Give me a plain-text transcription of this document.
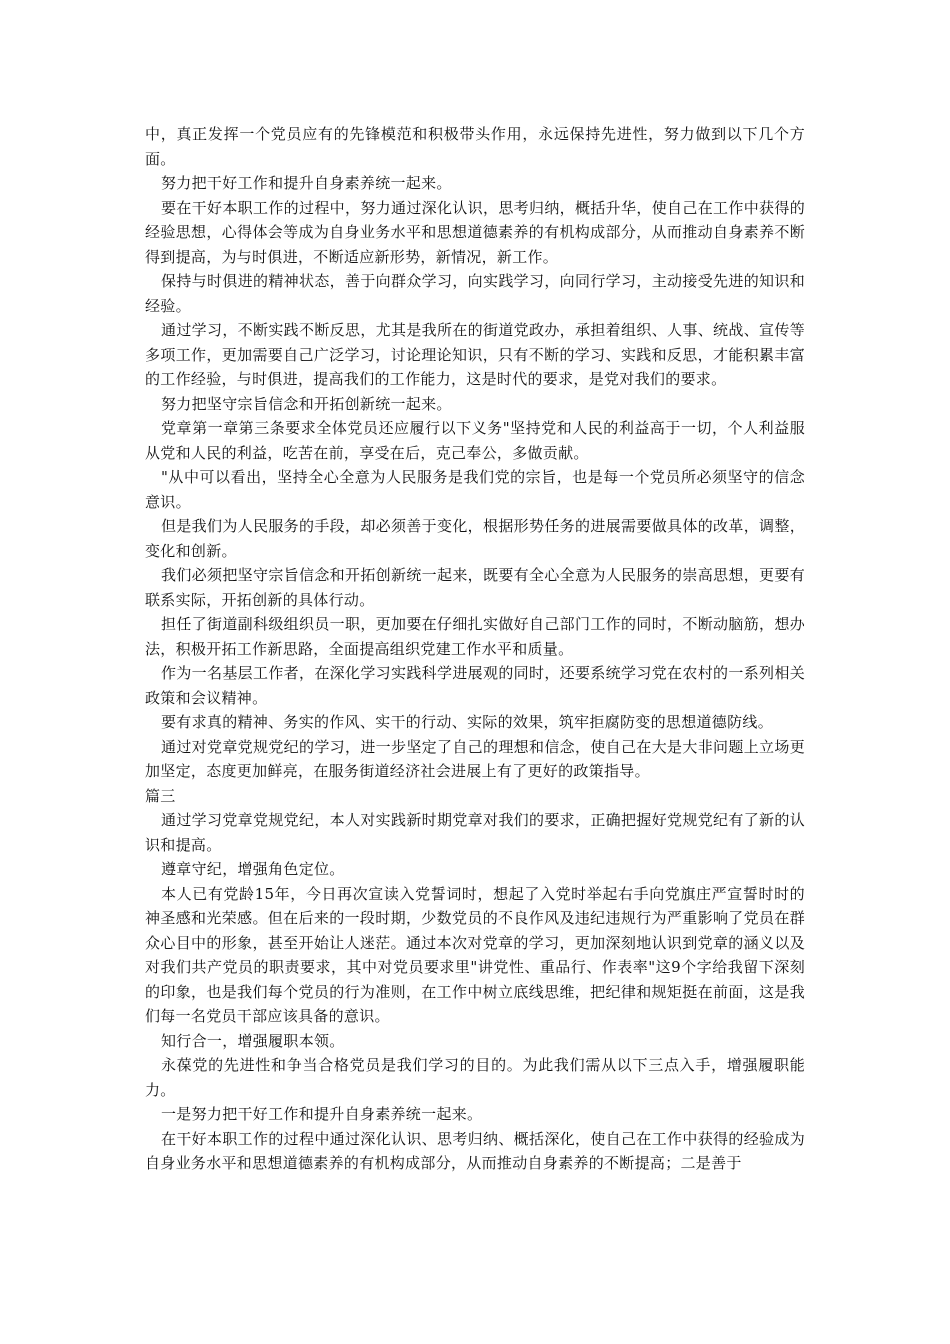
中，真正发挥一个党员应有的先锋模范和积极带头作用，永远保持先进性，努力做到以下几个方面。

努力把干好工作和提升自身素养统一起来。

要在干好本职工作的过程中，努力通过深化认识，思考归纳，概括升华，使自己在工作中获得的经验思想，心得体会等成为自身业务水平和思想道德素养的有机构成部分，从而推动自身素养不断得到提高，为与时俱进，不断适应新形势，新情况，新工作。

保持与时俱进的精神状态，善于向群众学习，向实践学习，向同行学习，主动接受先进的知识和经验。

通过学习，不断实践不断反思，尤其是我所在的街道党政办，承担着组织、人事、统战、宣传等多项工作，更加需要自己广泛学习，讨论理论知识，只有不断的学习、实践和反思，才能积累丰富的工作经验，与时俱进，提高我们的工作能力，这是时代的要求，是党对我们的要求。

努力把坚守宗旨信念和开拓创新统一起来。

党章第一章第三条要求全体党员还应履行以下义务"坚持党和人民的利益高于一切，个人利益服从党和人民的利益，吃苦在前，享受在后，克己奉公，多做贡献。

"从中可以看出，坚持全心全意为人民服务是我们党的宗旨，也是每一个党员所必须坚守的信念意识。

但是我们为人民服务的手段，却必须善于变化，根据形势任务的进展需要做具体的改革，调整，变化和创新。

我们必须把坚守宗旨信念和开拓创新统一起来，既要有全心全意为人民服务的崇高思想，更要有联系实际，开拓创新的具体行动。

担任了街道副科级组织员一职，更加要在仔细扎实做好自己部门工作的同时，不断动脑筋，想办法，积极开拓工作新思路，全面提高组织党建工作水平和质量。

作为一名基层工作者，在深化学习实践科学进展观的同时，还要系统学习党在农村的一系列相关政策和会议精神。

要有求真的精神、务实的作风、实干的行动、实际的效果，筑牢拒腐防变的思想道德防线。

通过对党章党规党纪的学习，进一步坚定了自己的理想和信念，使自己在大是大非问题上立场更加坚定，态度更加鲜亮，在服务街道经济社会进展上有了更好的政策指导。

篇三

通过学习党章党规党纪，本人对实践新时期党章对我们的要求，正确把握好党规党纪有了新的认识和提高。

遵章守纪，增强角色定位。

本人已有党龄15年，今日再次宣读入党誓词时，想起了入党时举起右手向党旗庄严宣誓时时的神圣感和光荣感。但在后来的一段时期，少数党员的不良作风及违纪违规行为严重影响了党员在群众心目中的形象，甚至开始让人迷茫。通过本次对党章的学习，更加深刻地认识到党章的涵义以及对我们共产党员的职责要求，其中对党员要求里"讲党性、重品行、作表率"这9个字给我留下深刻的印象，也是我们每个党员的行为准则，在工作中树立底线思维，把纪律和规矩挺在前面，这是我们每一名党员干部应该具备的意识。

知行合一，增强履职本领。

永葆党的先进性和争当合格党员是我们学习的目的。为此我们需从以下三点入手，增强履职能力。

一是努力把干好工作和提升自身素养统一起来。

在干好本职工作的过程中通过深化认识、思考归纳、概括深化，使自己在工作中获得的经验成为自身业务水平和思想道德素养的有机构成部分，从而推动自身素养的不断提高；二是善于
